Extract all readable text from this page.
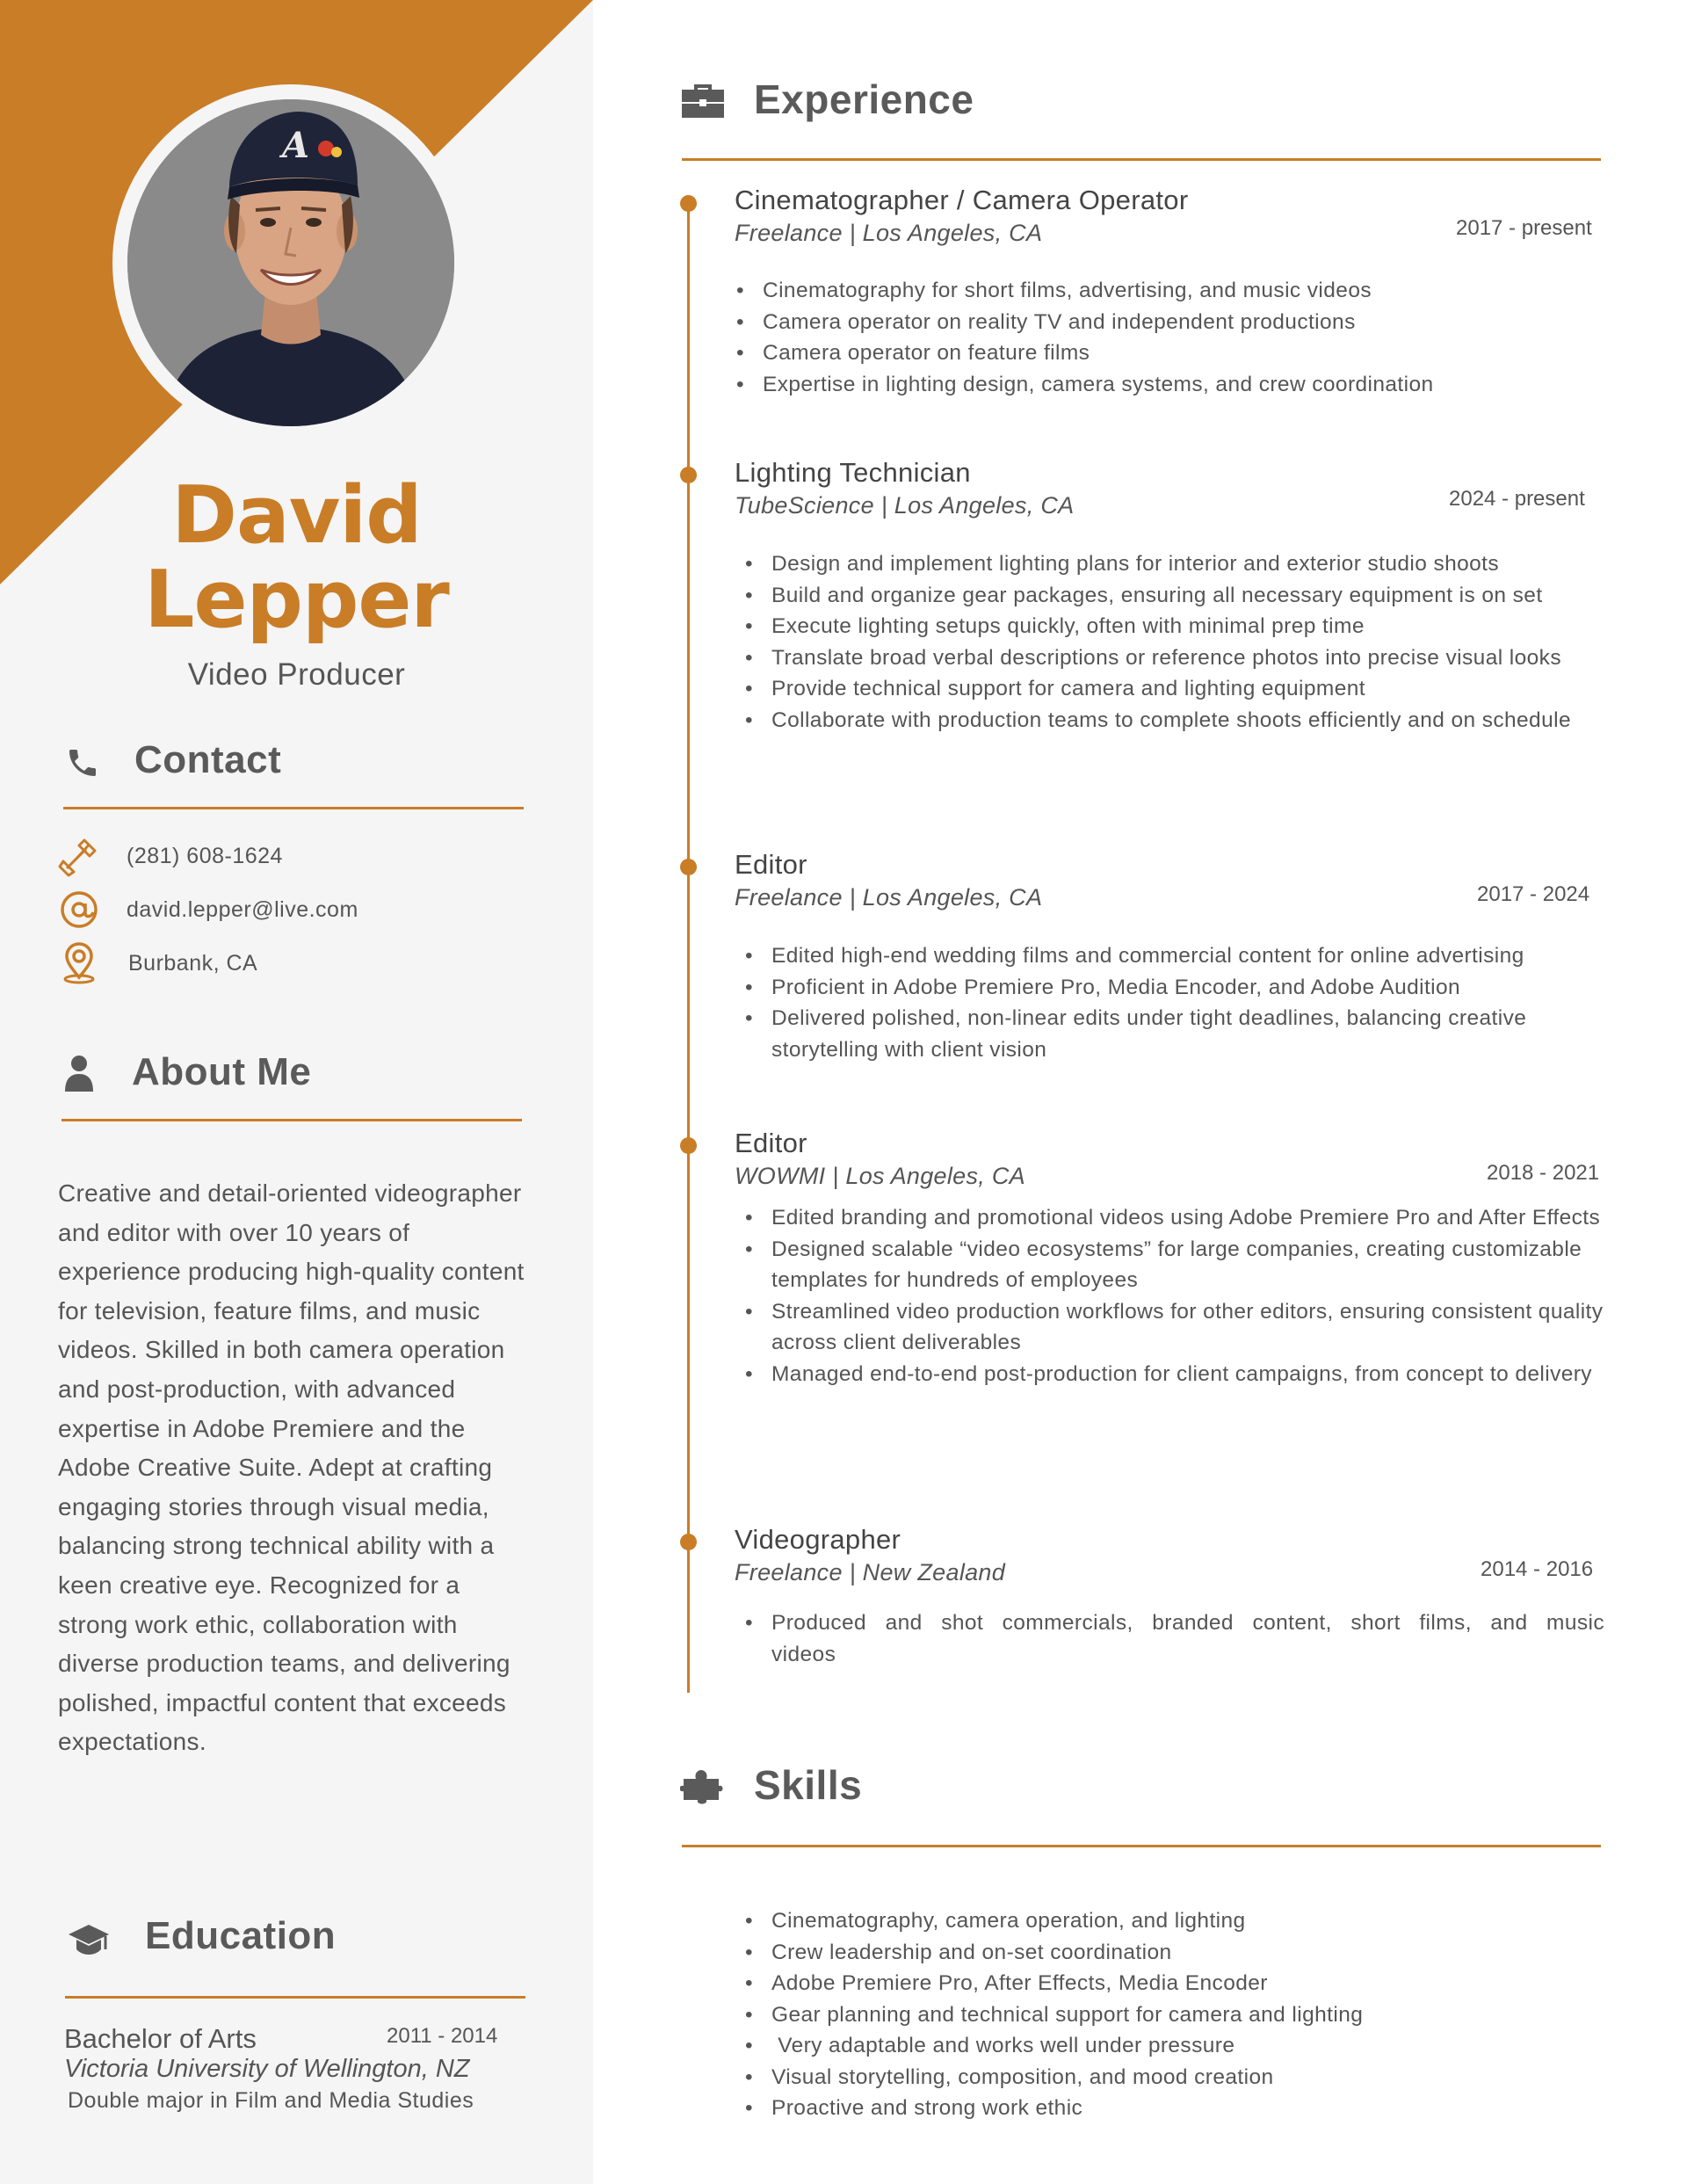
A
David
Lepper
Video Producer
Contact
(281) 608-1624
david.lepper@live.com
Burbank, CA
About Me
Creative and detail-oriented videographer and editor with over 10 years of experience producing high-quality content for television, feature films, and music videos. Skilled in both camera operation and post-production, with advanced expertise in Adobe Premiere and the Adobe Creative Suite. Adept at crafting engaging stories through visual media, balancing strong technical ability with a keen creative eye. Recognized for a strong work ethic, collaboration with diverse production teams, and delivering polished, impactful content that exceeds expectations.
Education
Bachelor of Arts	2011 - 2014
Victoria University of Wellington, NZ
Double major in Film and Media Studies
Experience
Cinematographer / Camera Operator
Freelance | Los Angeles, CA	2017 - present
• Cinematography for short films, advertising, and music videos
• Camera operator on reality TV and independent productions
• Camera operator on feature films
• Expertise in lighting design, camera systems, and crew coordination
Lighting Technician
TubeScience | Los Angeles, CA	2024 - present
• Design and implement lighting plans for interior and exterior studio shoots
• Build and organize gear packages, ensuring all necessary equipment is on set
• Execute lighting setups quickly, often with minimal prep time
• Translate broad verbal descriptions or reference photos into precise visual looks
• Provide technical support for camera and lighting equipment
• Collaborate with production teams to complete shoots efficiently and on schedule
Editor
Freelance | Los Angeles, CA	2017 - 2024
• Edited high-end wedding films and commercial content for online advertising
• Proficient in Adobe Premiere Pro, Media Encoder, and Adobe Audition
• Delivered polished, non-linear edits under tight deadlines, balancing creative storytelling with client vision
Editor
WOWMI | Los Angeles, CA	2018 - 2021
• Edited branding and promotional videos using Adobe Premiere Pro and After Effects
• Designed scalable “video ecosystems” for large companies, creating customizable templates for hundreds of employees
• Streamlined video production workflows for other editors, ensuring consistent quality across client deliverables
• Managed end-to-end post-production for client campaigns, from concept to delivery
Videographer
Freelance | New Zealand	2014 - 2016
• Produced and shot commercials, branded content, short films, and music videos
Skills
• Cinematography, camera operation, and lighting
• Crew leadership and on-set coordination
• Adobe Premiere Pro, After Effects, Media Encoder
• Gear planning and technical support for camera and lighting
•  Very adaptable and works well under pressure
• Visual storytelling, composition, and mood creation
• Proactive and strong work ethic
